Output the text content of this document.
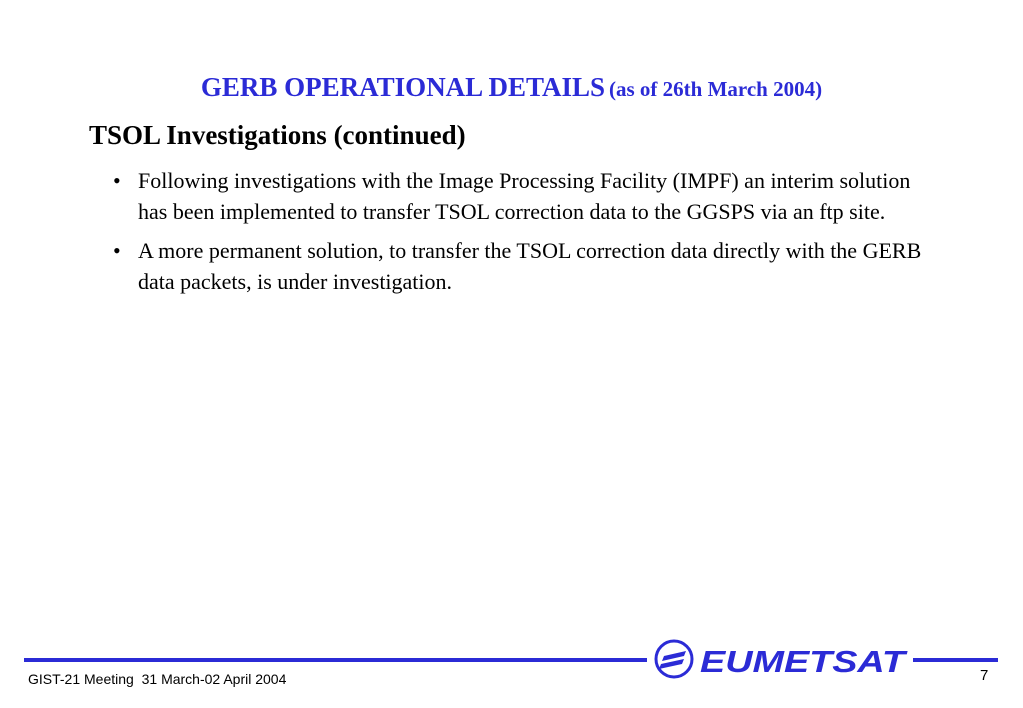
GERB OPERATIONAL DETAILS (as of 26th March 2004)
TSOL Investigations (continued)
• Following investigations with the Image Processing Facility (IMPF) an interim solution has been implemented to transfer TSOL correction data to the GGSPS via an ftp site.
• A more permanent solution, to transfer the TSOL correction data directly with the GERB data packets, is under investigation.
EUMETSAT
GIST-21 Meeting  31 March-02 April 2004	7
